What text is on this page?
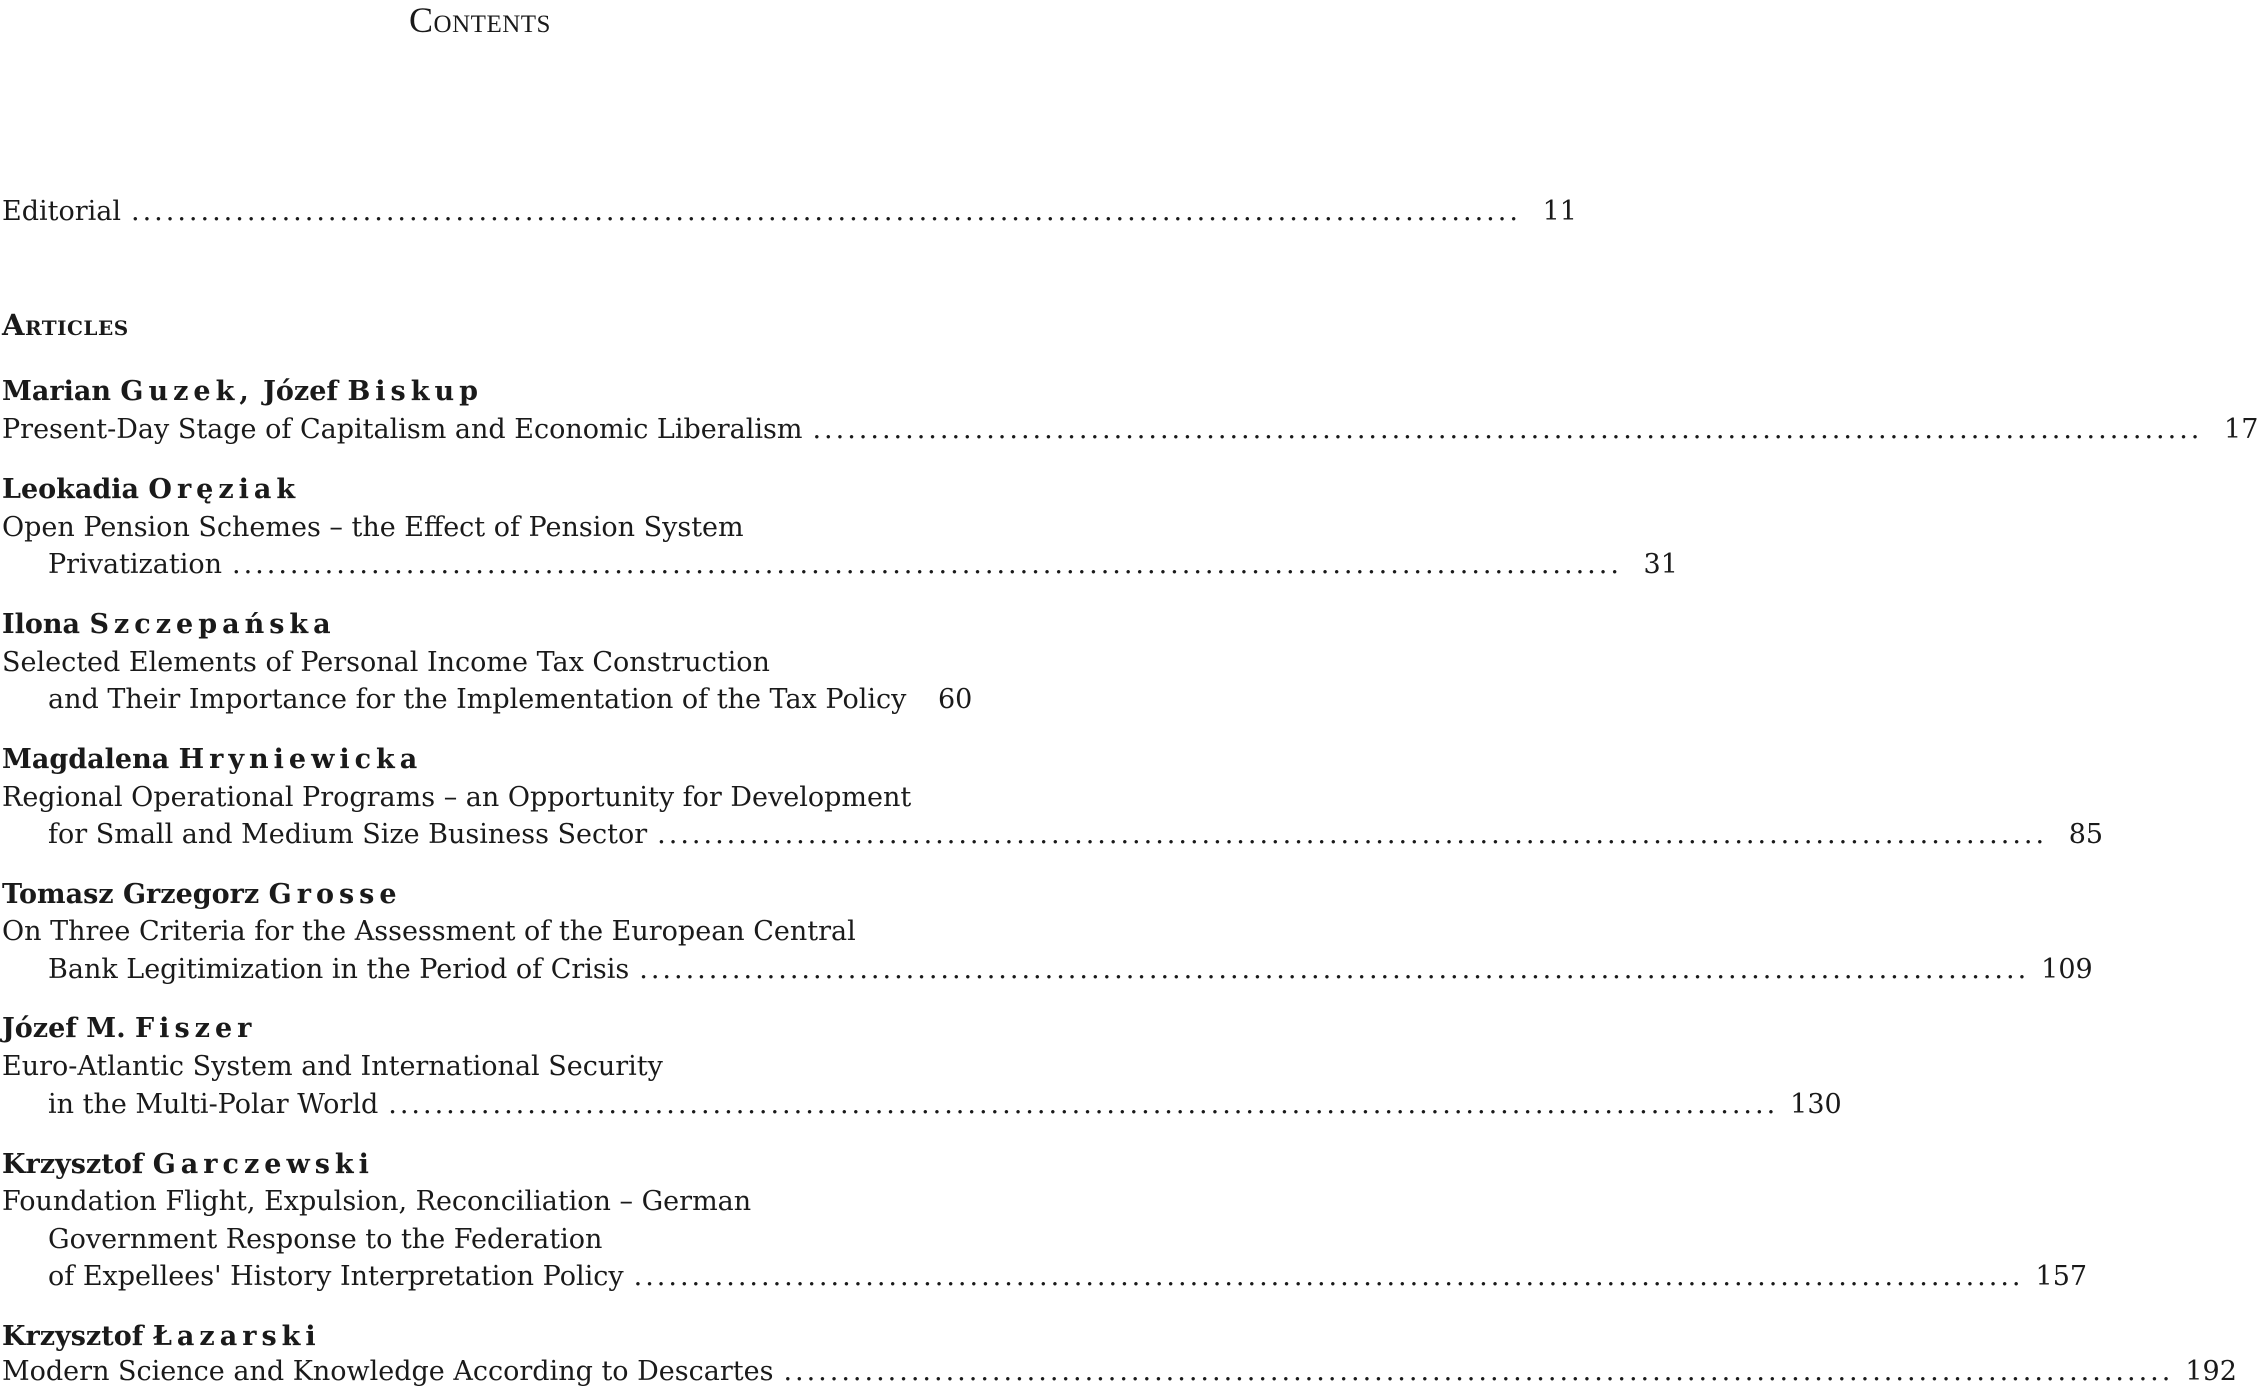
Contents
Editorial ........................................................................................................................ 11
Articles
Marian Guzek, Józef Biskup
Present-Day Stage of Capitalism and Economic Liberalism ........................................................................................................................ 17
Leokadia Oręziak
Open Pension Schemes – the Effect of Pension System
Privatization ........................................................................................................................ 31
Ilona Szczepańska
Selected Elements of Personal Income Tax Construction
and Their Importance for the Implementation of the Tax Policy	60
Magdalena Hryniewicka
Regional Operational Programs – an Opportunity for Development
for Small and Medium Size Business Sector ........................................................................................................................ 85
Tomasz Grzegorz Grosse
On Three Criteria for the Assessment of the European Central
Bank Legitimization in the Period of Crisis ........................................................................................................................ 109
Józef M. Fiszer
Euro-Atlantic System and International Security
in the Multi-Polar World ........................................................................................................................ 130
Krzysztof Garczewski
Foundation Flight, Expulsion, Reconciliation – German
Government Response to the Federation
of Expellees' History Interpretation Policy ........................................................................................................................ 157
Krzysztof Łazarski
Modern Science and Knowledge According to Descartes ........................................................................................................................ 192
